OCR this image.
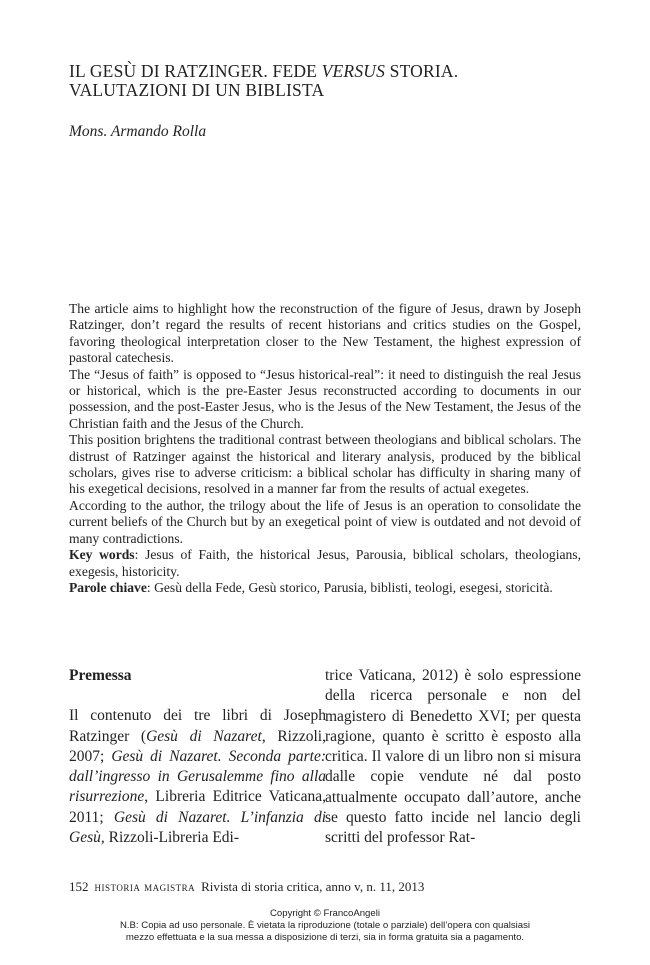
IL GESÙ DI RATZINGER. FEDE VERSUS STORIA.
VALUTAZIONI DI UN BIBLISTA
Mons. Armando Rolla

The article aims to highlight how the reconstruction of the figure of Jesus, drawn by Joseph Ratzinger, don’t regard the results of recent historians and critics studies on the Gospel, favoring theological interpretation closer to the New Testament, the highest expression of pastoral catechesis.

The “Jesus of faith” is opposed to “Jesus historical-real”: it need to distinguish the real Jesus or historical, which is the pre-Easter Jesus reconstructed according to documents in our possession, and the post-Easter Jesus, who is the Jesus of the New Testament, the Jesus of the Christian faith and the Jesus of the Church.

This position brightens the traditional contrast between theologians and biblical scholars. The distrust of Ratzinger against the historical and literary analysis, produced by the biblical scholars, gives rise to adverse criticism: a biblical scholar has difficulty in sharing many of his exegetical decisions, resolved in a manner far from the results of actual exegetes.

According to the author, the trilogy about the life of Jesus is an operation to consolidate the current beliefs of the Church but by an exegetical point of view is outdated and not devoid of many contradictions.

Key words: Jesus of Faith, the historical Jesus, Parousia, biblical scholars, theologians, exegesis, historicity.

Parole chiave: Gesù della Fede, Gesù storico, Parusia, biblisti, teologi, esegesi, storicità.

Premessa

Il contenuto dei tre libri di Joseph Ratzinger (Gesù di Nazaret, Rizzoli, 2007; Gesù di Nazaret. Seconda parte: dall’ingresso in Gerusalemme fino alla risurrezione, Libreria Editrice Vaticana, 2011; Gesù di Nazaret. L’infanzia di Gesù, Rizzoli-Libreria Edi-

trice Vaticana, 2012) è solo espressione della ricerca personale e non del magistero di Benedetto XVI; per questa ragione, quanto è scritto è esposto alla critica. Il valore di un libro non si misura dalle copie vendute né dal posto attualmente occupato dall’autore, anche se questo fatto incide nel lancio degli scritti del professor Rat-

152 historia magistra Rivista di storia critica, anno v, n. 11, 2013
Copyright © FrancoAngeli
N.B: Copia ad uso personale. È vietata la riproduzione (totale o parziale) dell’opera con qualsiasi
mezzo effettuata e la sua messa a disposizione di terzi, sia in forma gratuita sia a pagamento.
